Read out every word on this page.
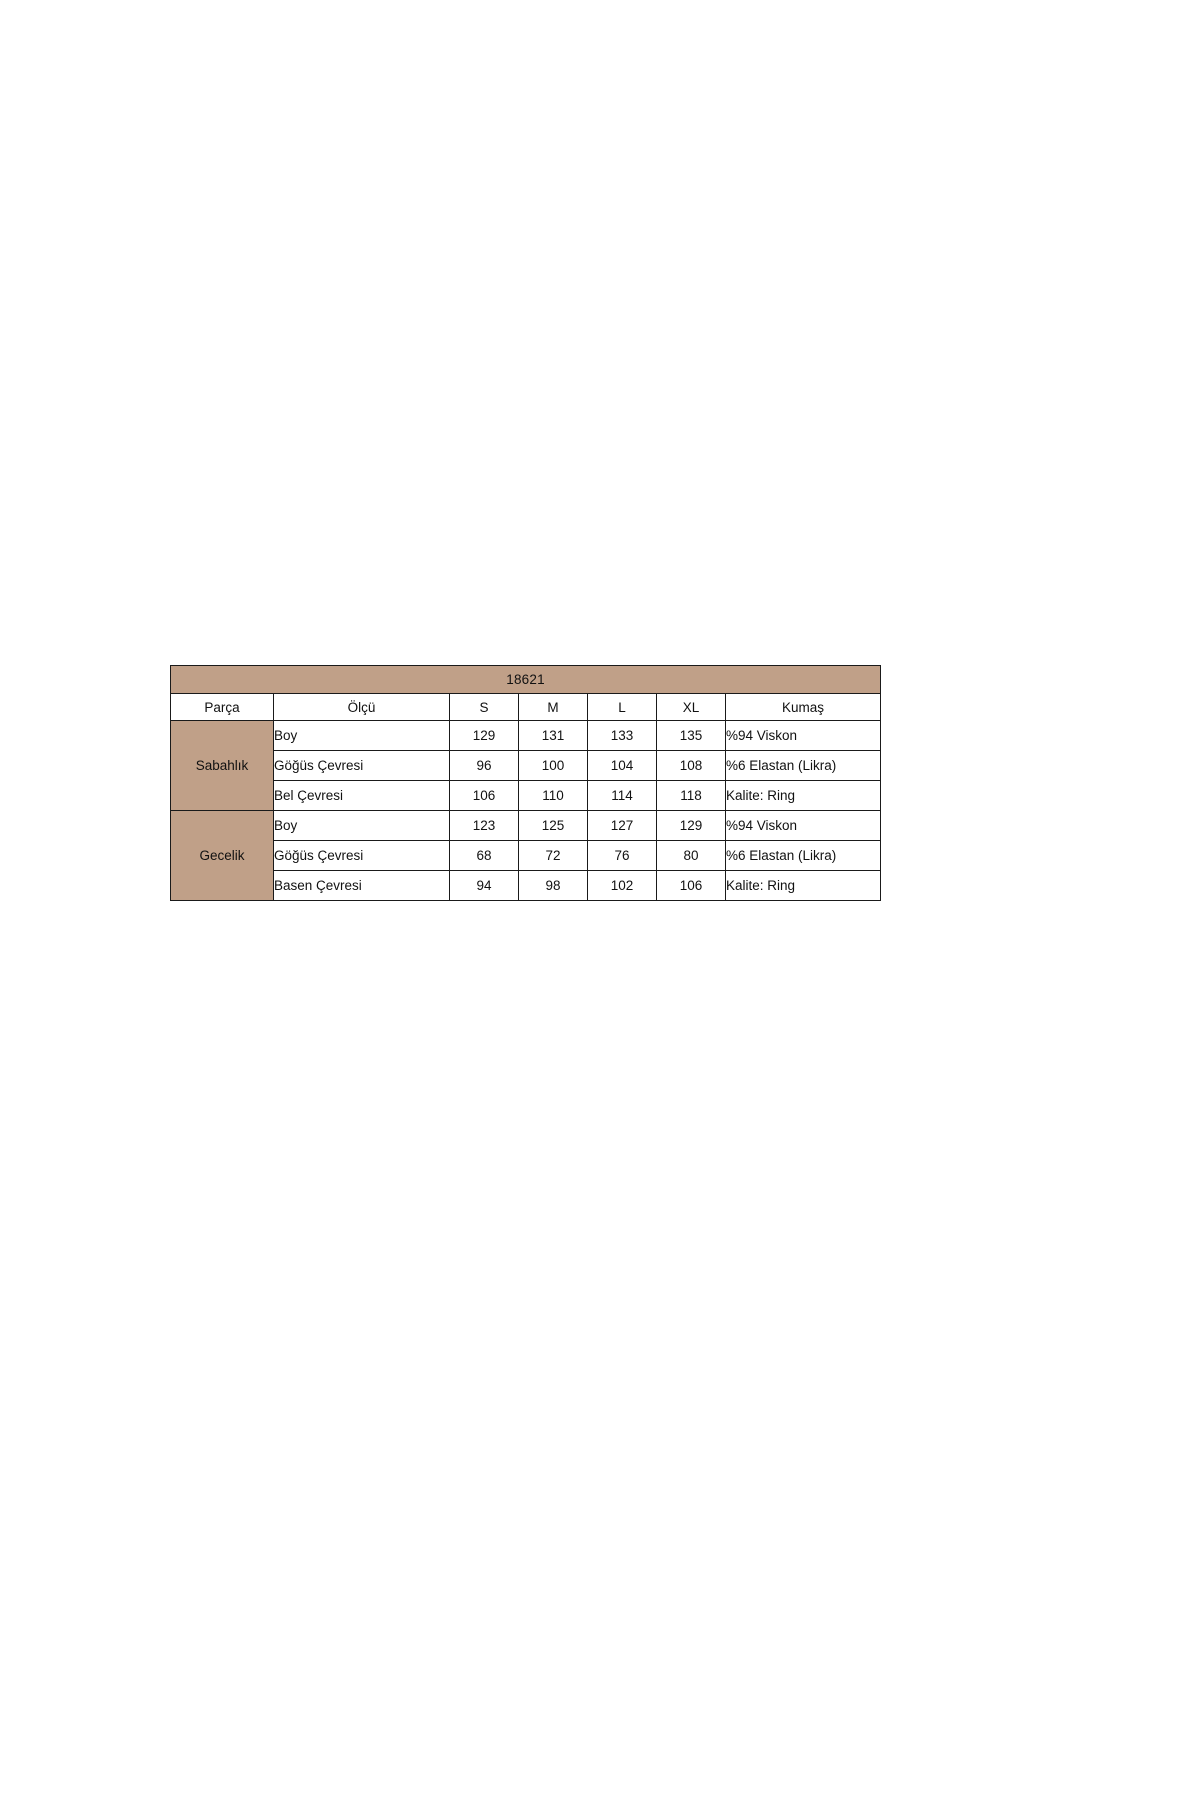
18621						
Parça	Ölçü	S	M	L	XL	Kumaş
Sabahlık	Boy	129	131	133	135	%94 Viskon
	Göğüs Çevresi	96	100	104	108	%6 Elastan (Likra)
	Bel Çevresi	106	110	114	118	Kalite: Ring
Gecelik	Boy	123	125	127	129	%94 Viskon
	Göğüs Çevresi	68	72	76	80	%6 Elastan (Likra)
	Basen Çevresi	94	98	102	106	Kalite: Ring
